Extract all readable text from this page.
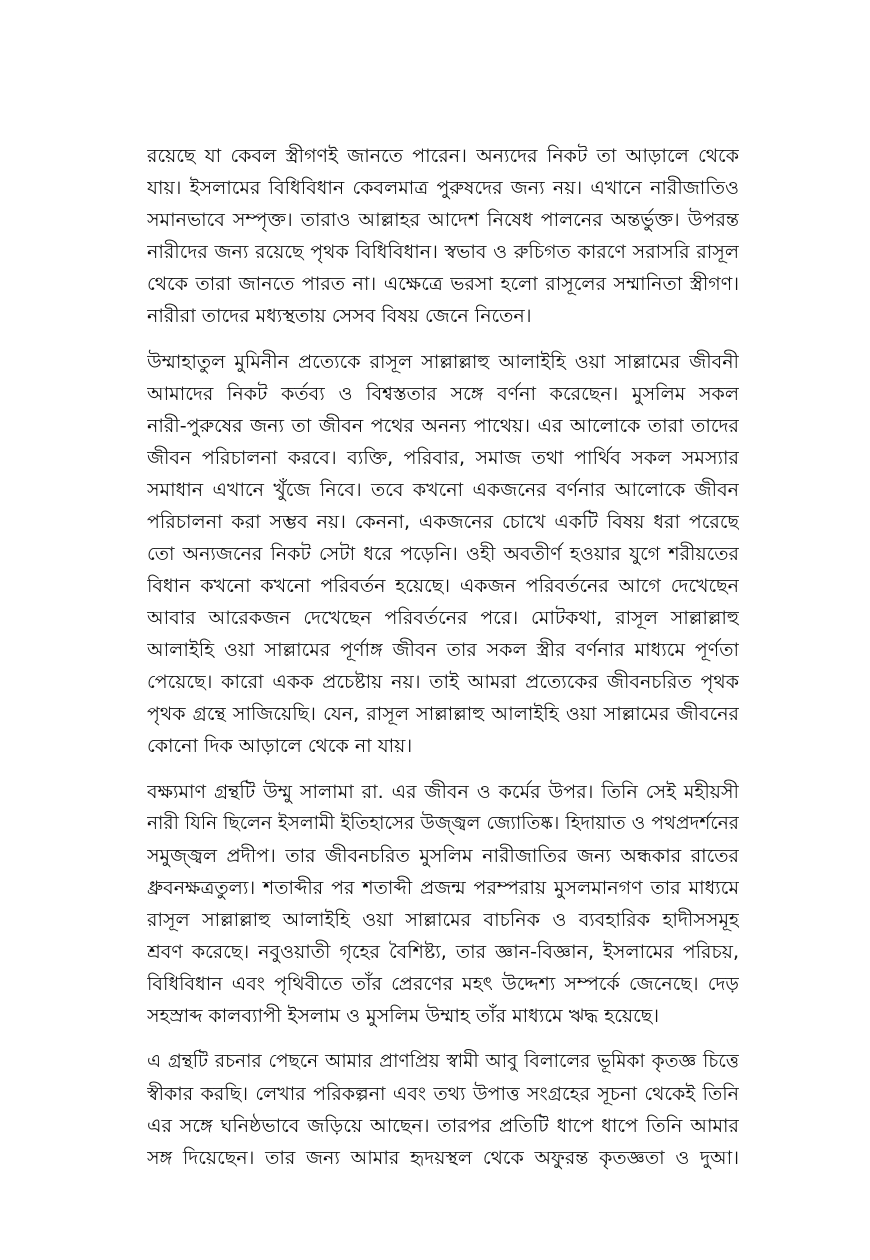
রয়েছে যা কেবল স্ত্রীগণই জানতে পারেন। অন্যদের নিকট তা আড়ালে থেকে
যায়। ইসলামের বিধিবিধান কেবলমাত্র পুরুষদের জন্য নয়। এখানে নারীজাতিও
সমানভাবে সম্পৃক্ত। তারাও আল্লাহর আদেশ নিষেধ পালনের অন্তর্ভুক্ত। উপরন্ত
নারীদের জন্য রয়েছে পৃথক বিধিবিধান। স্বভাব ও রুচিগত কারণে সরাসরি রাসূল
থেকে তারা জানতে পারত না। এক্ষেত্রে ভরসা হলো রাসূলের সম্মানিতা স্ত্রীগণ।
নারীরা তাদের মধ্যস্থতায় সেসব বিষয় জেনে নিতেন।
উম্মাহাতুল মুমিনীন প্রত্যেকে রাসূল সাল্লাল্লাহু আলাইহি ওয়া সাল্লামের জীবনী
আমাদের নিকট কর্তব্য ও বিশ্বস্ততার সঙ্গে বর্ণনা করেছেন। মুসলিম সকল
নারী-পুরুষের জন্য তা জীবন পথের অনন্য পাথেয়। এর আলোকে তারা তাদের
জীবন পরিচালনা করবে। ব্যক্তি, পরিবার, সমাজ তথা পার্থিব সকল সমস্যার
সমাধান এখানে খুঁজে নিবে। তবে কখনো একজনের বর্ণনার আলোকে জীবন
পরিচালনা করা সম্ভব নয়। কেননা, একজনের চোখে একটি বিষয় ধরা পরেছে
তো অন্যজনের নিকট সেটা ধরে পড়েনি। ওহী অবতীর্ণ হওয়ার যুগে শরীয়তের
বিধান কখনো কখনো পরিবর্তন হয়েছে। একজন পরিবর্তনের আগে দেখেছেন
আবার আরেকজন দেখেছেন পরিবর্তনের পরে। মোটকথা, রাসূল সাল্লাল্লাহু
আলাইহি ওয়া সাল্লামের পূর্ণাঙ্গ জীবন তার সকল স্ত্রীর বর্ণনার মাধ্যমে পূর্ণতা
পেয়েছে। কারো একক প্রচেষ্টায় নয়। তাই আমরা প্রত্যেকের জীবনচরিত পৃথক
পৃথক গ্রন্থে সাজিয়েছি। যেন, রাসূল সাল্লাল্লাহু আলাইহি ওয়া সাল্লামের জীবনের
কোনো দিক আড়ালে থেকে না যায়।
বক্ষ্যমাণ গ্রন্থটি উম্মু সালামা রা. এর জীবন ও কর্মের উপর। তিনি সেই মহীয়সী
নারী যিনি ছিলেন ইসলামী ইতিহাসের উজ্জ্বল জ্যোতিষ্ক। হিদায়াত ও পথপ্রদর্শনের
সমুজ্জ্বল প্রদীপ। তার জীবনচরিত মুসলিম নারীজাতির জন্য অন্ধকার রাতের
ধ্রুবনক্ষত্রতুল্য। শতাব্দীর পর শতাব্দী প্রজন্ম পরম্পরায় মুসলমানগণ তার মাধ্যমে
রাসূল সাল্লাল্লাহু আলাইহি ওয়া সাল্লামের বাচনিক ও ব্যবহারিক হাদীসসমূহ
শ্রবণ করেছে। নবুওয়াতী গৃহের বৈশিষ্ট্য, তার জ্ঞান-বিজ্ঞান, ইসলামের পরিচয়,
বিধিবিধান এবং পৃথিবীতে তাঁর প্রেরণের মহৎ উদ্দেশ্য সম্পর্কে জেনেছে। দেড়
সহস্রাব্দ কালব্যাপী ইসলাম ও মুসলিম উম্মাহ তাঁর মাধ্যমে ঋদ্ধ হয়েছে।
এ গ্রন্থটি রচনার পেছনে আমার প্রাণপ্রিয় স্বামী আবু বিলালের ভূমিকা কৃতজ্ঞ চিত্তে
স্বীকার করছি। লেখার পরিকল্পনা এবং তথ্য উপাত্ত সংগ্রহের সূচনা থেকেই তিনি
এর সঙ্গে ঘনিষ্ঠভাবে জড়িয়ে আছেন। তারপর প্রতিটি ধাপে ধাপে তিনি আমার
সঙ্গ দিয়েছেন। তার জন্য আমার হৃদয়স্থল থেকে অফুরন্ত কৃতজ্ঞতা ও দুআ।
